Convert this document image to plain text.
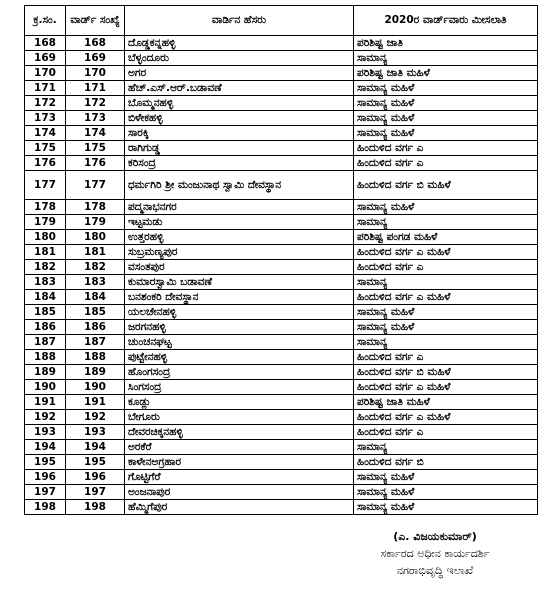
ಕ್ರ.ಸಂ.	ವಾರ್ಡ್ ಸಂಖ್ಯೆ	ವಾರ್ಡಿನ ಹೆಸರು	2020ರ ವಾರ್ಡ್‌ವಾರು ಮೀಸಲಾತಿ
168	168	ದೊಡ್ಡಕನ್ನಹಳ್ಳಿ	ಪರಿಶಿಷ್ಟ ಜಾತಿ
169	169	ಬೆಳ್ಳಂದೂರು	ಸಾಮಾನ್ಯ
170	170	ಅಗರ	ಪರಿಶಿಷ್ಟ ಜಾತಿ ಮಹಿಳೆ
171	171	ಹೆಚ್.ಎಸ್.ಆರ್.ಬಡಾವಣೆ	ಸಾಮಾನ್ಯ ಮಹಿಳೆ
172	172	ಬೊಮ್ಮನಹಳ್ಳಿ	ಸಾಮಾನ್ಯ ಮಹಿಳೆ
173	173	ಬಿಳೇಕಹಳ್ಳಿ	ಸಾಮಾನ್ಯ ಮಹಿಳೆ
174	174	ಸಾರಕ್ಕಿ	ಸಾಮಾನ್ಯ ಮಹಿಳೆ
175	175	ರಾಗಿಗುಡ್ಡ	ಹಿಂದುಳಿದ ವರ್ಗ ಎ
176	176	ಕರಿಸಂದ್ರ	ಹಿಂದುಳಿದ ವರ್ಗ ಎ
177	177	ಧರ್ಮಗಿರಿ ಶ್ರೀ ಮಂಜುನಾಥ ಸ್ವಾಮಿ ದೇವಸ್ಥಾನ	ಹಿಂದುಳಿದ ವರ್ಗ ಬಿ ಮಹಿಳೆ
178	178	ಪದ್ಮನಾಭನಗರ	ಸಾಮಾನ್ಯ ಮಹಿಳೆ
179	179	ಇಟ್ಟಮಡು	ಸಾಮಾನ್ಯ
180	180	ಉತ್ತರಹಳ್ಳಿ	ಪರಿಶಿಷ್ಟ ಪಂಗಡ ಮಹಿಳೆ
181	181	ಸುಬ್ರಮಣ್ಯಪುರ	ಹಿಂದುಳಿದ ವರ್ಗ ಎ ಮಹಿಳೆ
182	182	ವಸಂತಪುರ	ಹಿಂದುಳಿದ ವರ್ಗ ಎ
183	183	ಕುಮಾರಸ್ವಾಮಿ ಬಡಾವಣೆ	ಸಾಮಾನ್ಯ
184	184	ಬನಶಂಕರಿ ದೇವಸ್ಥಾನ	ಹಿಂದುಳಿದ ವರ್ಗ ಎ ಮಹಿಳೆ
185	185	ಯಲಚೇನಹಳ್ಳಿ	ಸಾಮಾನ್ಯ ಮಹಿಳೆ
186	186	ಜರಗನಹಳ್ಳಿ	ಸಾಮಾನ್ಯ ಮಹಿಳೆ
187	187	ಚುಂಚನಘಟ್ಟ	ಸಾಮಾನ್ಯ
188	188	ಪುಟ್ಟೇನಹಳ್ಳಿ	ಹಿಂದುಳಿದ ವರ್ಗ ಎ
189	189	ಹೊಂಗಸಂದ್ರ	ಹಿಂದುಳಿದ ವರ್ಗ ಬಿ ಮಹಿಳೆ
190	190	ಸಿಂಗಸಂದ್ರ	ಹಿಂದುಳಿದ ವರ್ಗ ಎ ಮಹಿಳೆ
191	191	ಕೂಡ್ಲು	ಪರಿಶಿಷ್ಟ ಜಾತಿ ಮಹಿಳೆ
192	192	ಬೇಗೂರು	ಹಿಂದುಳಿದ ವರ್ಗ ಎ ಮಹಿಳೆ
193	193	ದೇವರಚಿಕ್ಕನಹಳ್ಳಿ	ಹಿಂದುಳಿದ ವರ್ಗ ಎ
194	194	ಅರಕೆರೆ	ಸಾಮಾನ್ಯ
195	195	ಕಾಳೇನಅಗ್ರಹಾರ	ಹಿಂದುಳಿದ ವರ್ಗ ಬಿ
196	196	ಗೊಟ್ಟಿಗೆರೆ	ಸಾಮಾನ್ಯ ಮಹಿಳೆ
197	197	ಅಂಜನಾಪುರ	ಸಾಮಾನ್ಯ ಮಹಿಳೆ
198	198	ಹೆಮ್ಮಿಗೆಪುರ	ಸಾಮಾನ್ಯ ಮಹಿಳೆ
(ಎ. ವಿಜಯಕುಮಾರ್)
ಸರ್ಕಾರದ ಅಧೀನ ಕಾರ್ಯದರ್ಶಿ
ನಗರಾಭಿವೃದ್ಧಿ ಇಲಾಖೆ
